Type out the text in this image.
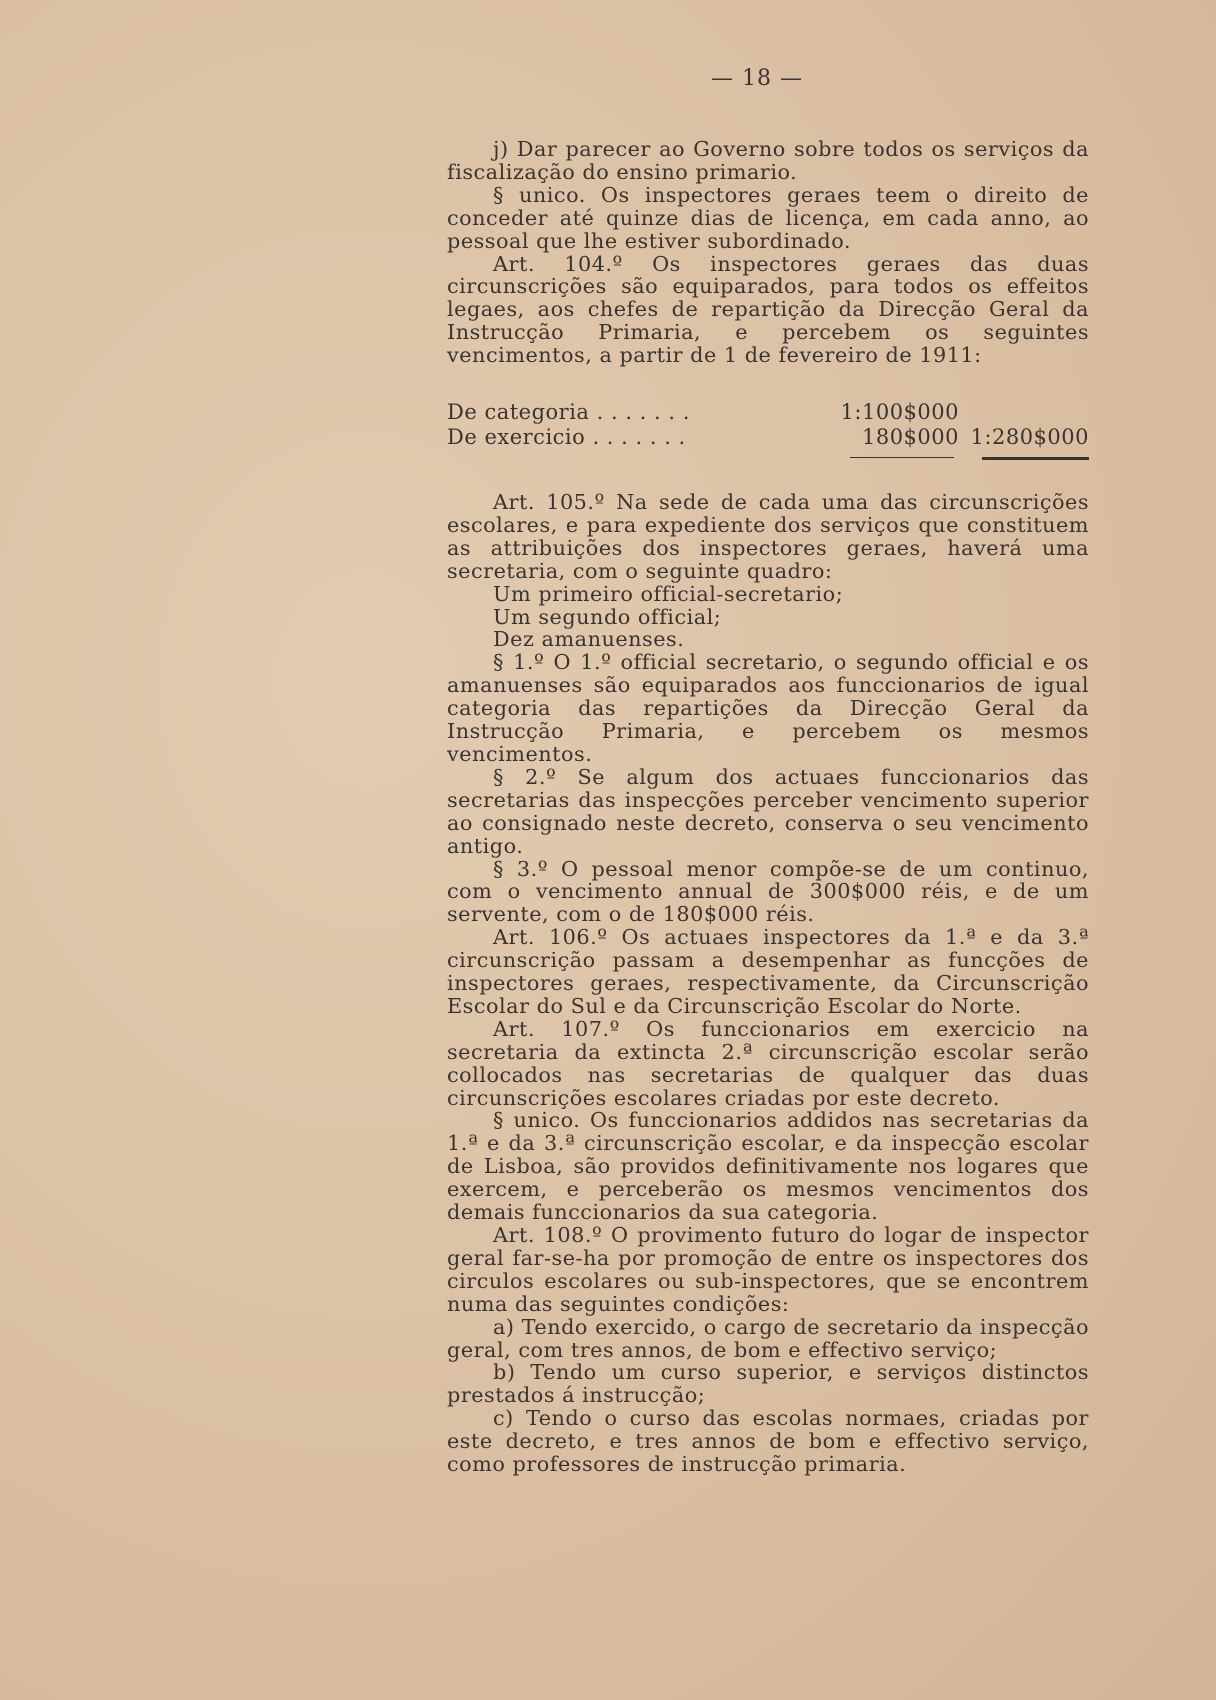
— 18 —

j) Dar parecer ao Governo sobre todos os serviços da fiscalização do ensino primario.

§ unico. Os inspectores geraes teem o direito de conceder até quinze dias de licença, em cada anno, ao pessoal que lhe estiver subordinado.

Art. 104.º Os inspectores geraes das duas circunscrições são equiparados, para todos os effeitos legaes, aos chefes de repartição da Direcção Geral da Instrucção Primaria, e percebem os seguintes vencimentos, a partir de 1 de fevereiro de 1911:

De categoria . . . . . . .	1:100$000
De exercicio . . . . . . .	180$000 1:280$000

Art. 105.º Na sede de cada uma das circunscrições escolares, e para expediente dos serviços que constituem as attribuições dos inspectores geraes, haverá uma secretaria, com o seguinte quadro:

Um primeiro official-secretario;

Um segundo official;

Dez amanuenses.

§ 1.º O 1.º official secretario, o segundo official e os amanuenses são equiparados aos funccionarios de igual categoria das repartições da Direcção Geral da Instrucção Primaria, e percebem os mesmos vencimentos.

§ 2.º Se algum dos actuaes funccionarios das secretarias das inspecções perceber vencimento superior ao consignado neste decreto, conserva o seu vencimento antigo.

§ 3.º O pessoal menor compõe-se de um continuo, com o vencimento annual de 300$000 réis, e de um servente, com o de 180$000 réis.

Art. 106.º Os actuaes inspectores da 1.ª e da 3.ª circunscrição passam a desempenhar as funcções de inspectores geraes, respectivamente, da Circunscrição Escolar do Sul e da Circunscrição Escolar do Norte.

Art. 107.º Os funccionarios em exercicio na secretaria da extincta 2.ª circunscrição escolar serão collocados nas secretarias de qualquer das duas circunscrições escolares criadas por este decreto.

§ unico. Os funccionarios addidos nas secretarias da 1.ª e da 3.ª circunscrição escolar, e da inspecção escolar de Lisboa, são providos definitivamente nos logares que exercem, e perceberão os mesmos vencimentos dos demais funccionarios da sua categoria.

Art. 108.º O provimento futuro do logar de inspector geral far-se-ha por promoção de entre os inspectores dos circulos escolares ou sub-inspectores, que se encontrem numa das seguintes condições:

a) Tendo exercido, o cargo de secretario da inspecção geral, com tres annos, de bom e effectivo serviço;

b) Tendo um curso superior, e serviços distinctos prestados á instrucção;

c) Tendo o curso das escolas normaes, criadas por este decreto, e tres annos de bom e effectivo serviço, como professores de instrucção primaria.
